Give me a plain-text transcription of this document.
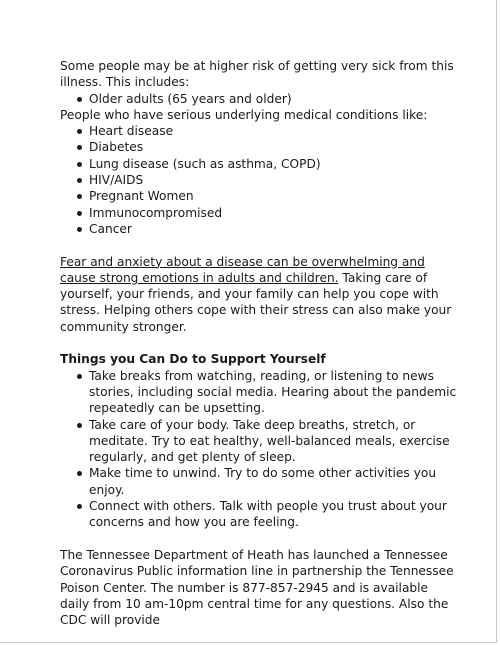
Some people may be at higher risk of getting very sick from this illness. This includes:

Older adults (65 years and older)

People who have serious underlying medical conditions like:

Heart disease
Diabetes
Lung disease (such as asthma, COPD)
HIV/AIDS
Pregnant Women
Immunocompromised
Cancer

Fear and anxiety about a disease can be overwhelming and cause strong emotions in adults and children. Taking care of yourself, your friends, and your family can help you cope with stress. Helping others cope with their stress can also make your community stronger.

Things you Can Do to Support Yourself
Take breaks from watching, reading, or listening to news stories, including social media. Hearing about the pandemic repeatedly can be upsetting.
Take care of your body. Take deep breaths, stretch, or meditate. Try to eat healthy, well-balanced meals, exercise regularly, and get plenty of sleep.
Make time to unwind. Try to do some other activities you enjoy.
Connect with others. Talk with people you trust about your concerns and how you are feeling.

The Tennessee Department of Heath has launched a Tennessee Coronavirus Public information line in partnership the Tennessee Poison Center. The number is 877-857-2945 and is available daily from 10 am-10pm central time for any questions. Also the CDC will provide
